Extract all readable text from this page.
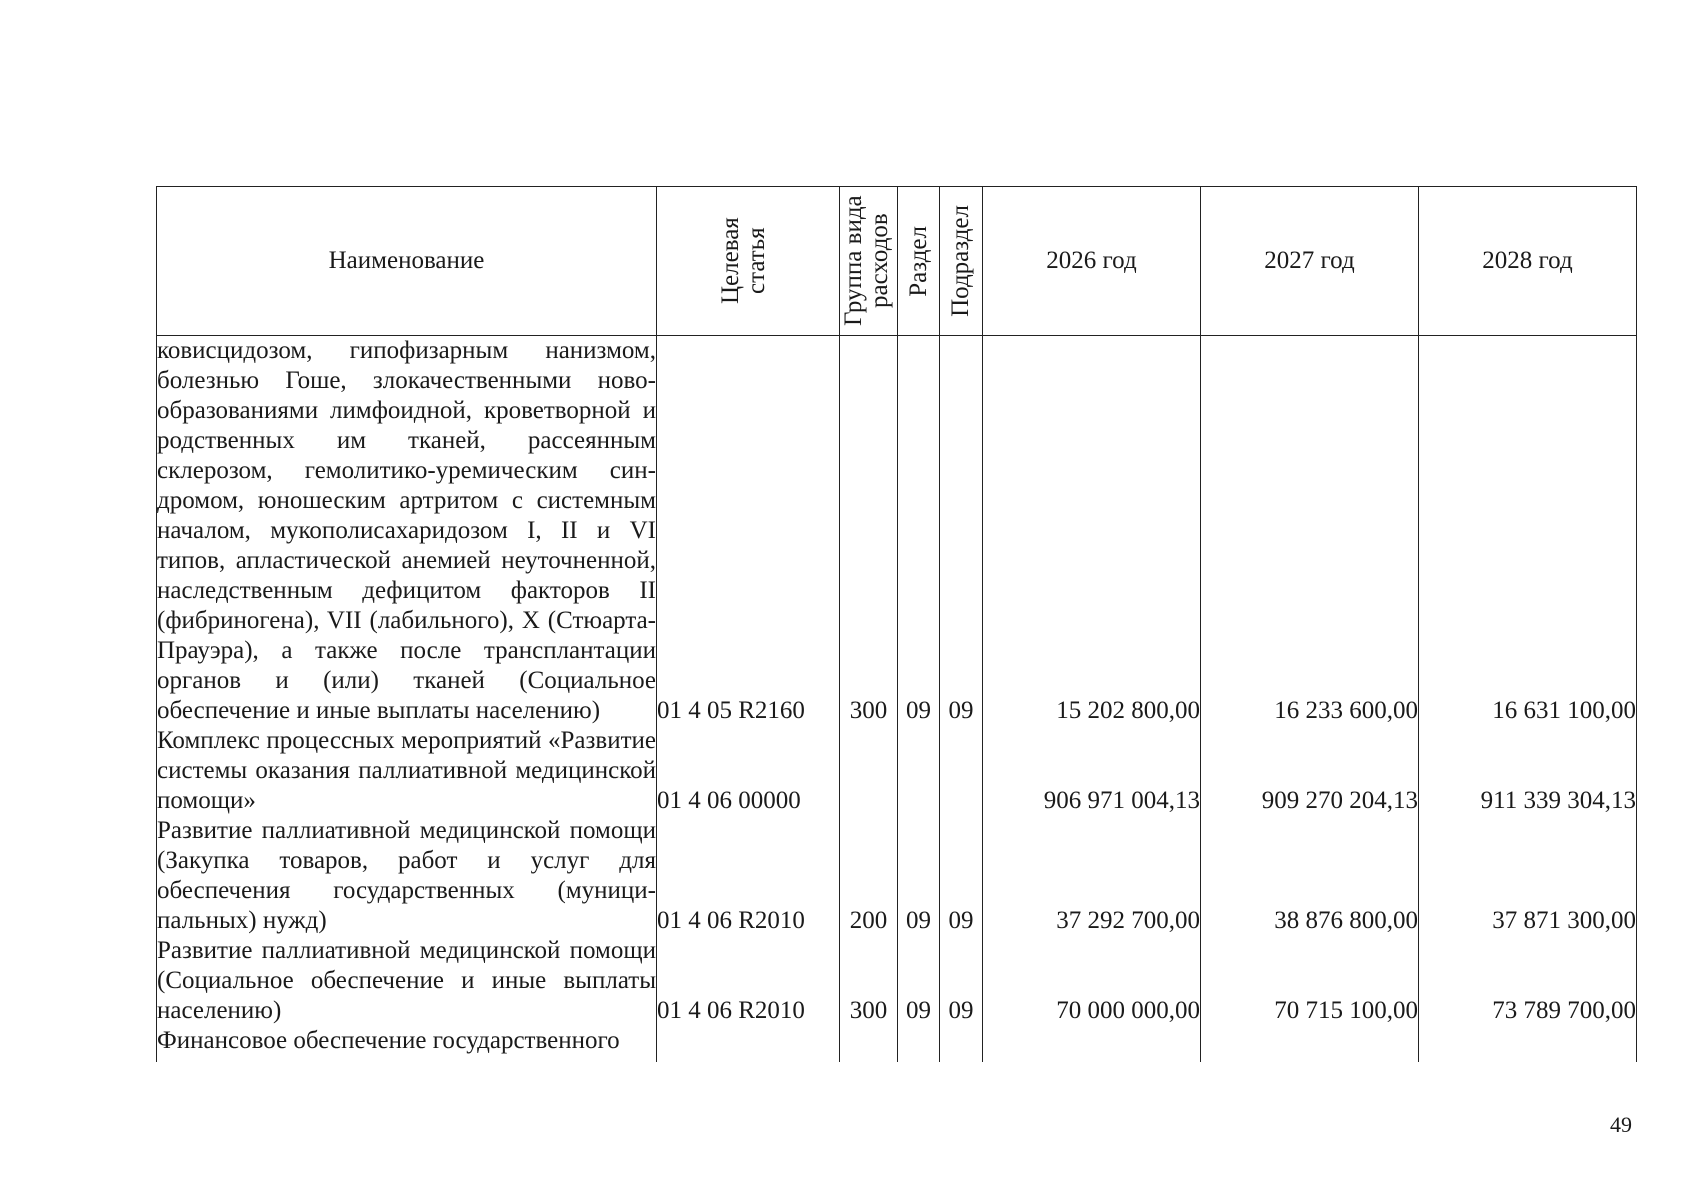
Наименование	Целевая статья	Группа вида расходов	Раздел	Подраздел	2026 год	2027 год	2028 год
ковисцидозом, гипофизарным нанизмом, болезнью Гоше, злокачественными новообразованиями лимфоидной, кроветворной и родственных им тканей, рассеянным склерозом, гемолитико-уремическим синдромом, юношеским артритом с системным началом, мукополисахаридозом I, II и VI типов, апластической анемией неуточненной, наследственным дефицитом факторов II (фибриногена), VII (лабильного), X (Стюарта-Прауэра), а также после трансплантации органов и (или) тканей (Социальное обеспечение и иные выплаты населению)	01 4 05 R2160	300	09	09	15 202 800,00	16 233 600,00	16 631 100,00
Комплекс процессных мероприятий «Развитие системы оказания паллиативной медицинской помощи»	01 4 06 00000				906 971 004,13	909 270 204,13	911 339 304,13
Развитие паллиативной медицинской помощи (Закупка товаров, работ и услуг для обеспечения государственных (муниципальных) нужд)	01 4 06 R2010	200	09	09	37 292 700,00	38 876 800,00	37 871 300,00
Развитие паллиативной медицинской помощи (Социальное обеспечение и иные выплаты населению)	01 4 06 R2010	300	09	09	70 000 000,00	70 715 100,00	73 789 700,00
Финансовое обеспечение государственного							
49
